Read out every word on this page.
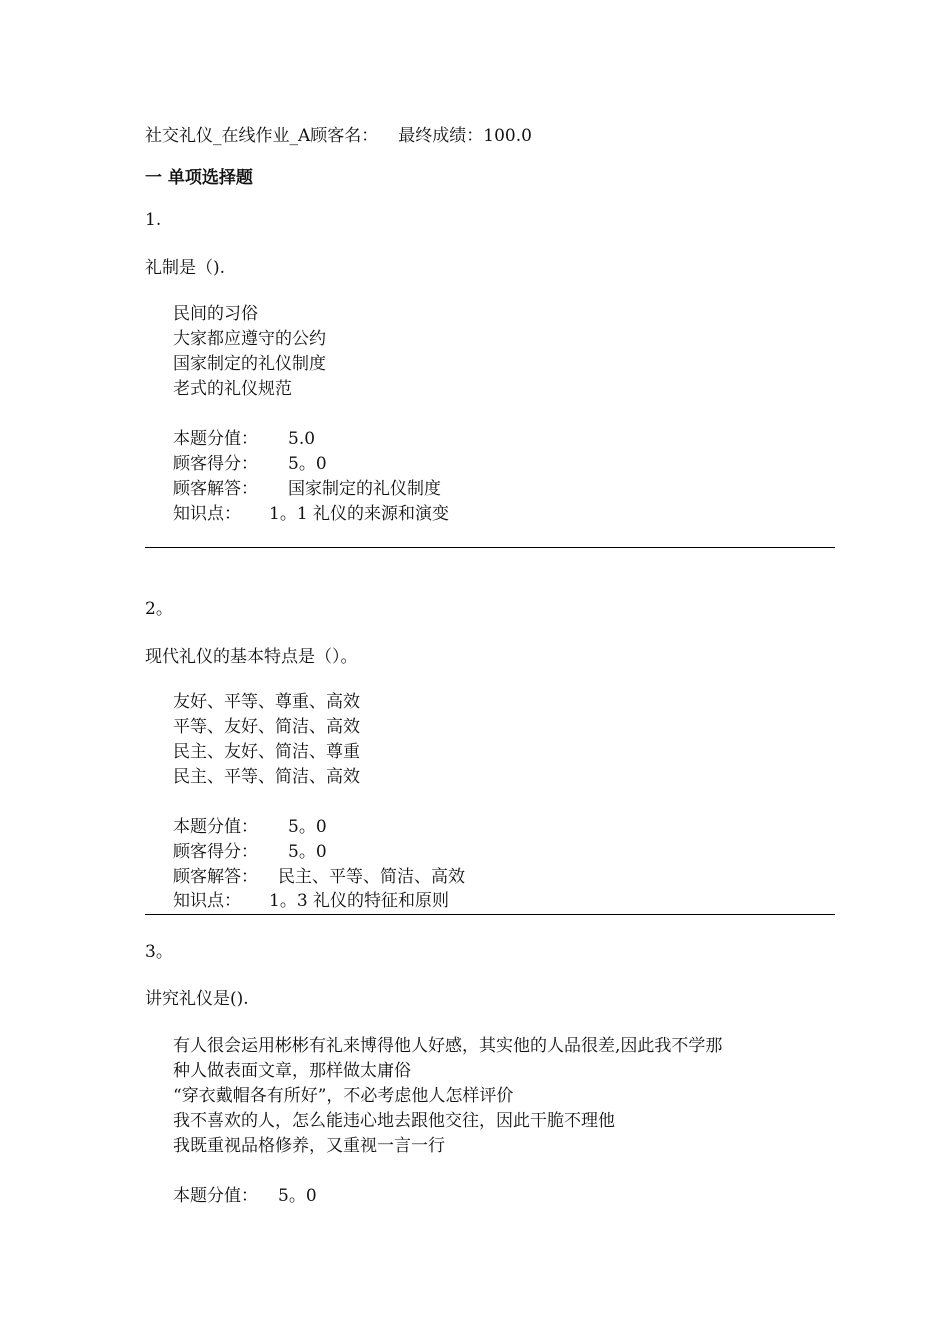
社交礼仪_在线作业_A顾客名： 最终成绩：100.0
一 单项选择题
1.
礼制是（).
民间的习俗
大家都应遵守的公约
国家制定的礼仪制度
老式的礼仪规范
本题分值： 5.0
顾客得分： 5。0
顾客解答： 国家制定的礼仪制度
知识点： 1。1 礼仪的来源和演变
2。
现代礼仪的基本特点是（）。
友好、平等、尊重、高效
平等、友好、简洁、高效
民主、友好、简洁、尊重
民主、平等、简洁、高效
本题分值： 5。0
顾客得分： 5。0
顾客解答： 民主、平等、简洁、高效
知识点： 1。3 礼仪的特征和原则
3。
讲究礼仪是().
有人很会运用彬彬有礼来博得他人好感，其实他的人品很差,因此我不学那
种人做表面文章，那样做太庸俗
“穿衣戴帽各有所好”，不必考虑他人怎样评价
我不喜欢的人，怎么能违心地去跟他交往，因此干脆不理他
我既重视品格修养，又重视一言一行
本题分值： 5。0
